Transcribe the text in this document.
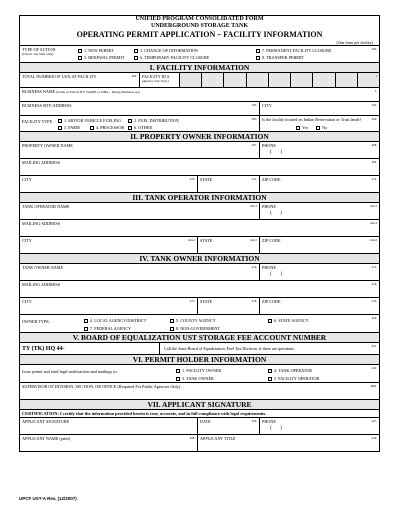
UNIFIED PROGRAM CONSOLIDATED FORM
UNDERGROUND STORAGE TANK
OPERATING PERMIT APPLICATION – FACILITY INFORMATION
(One form per facility)
TYPE OF ACTION
(Check one item only)
400.
1. NEW PERMIT	3. CHANGE OF INFORMATION	7. PERMANENT FACILITY CLOSURE
5. RENEWAL PERMIT	6. TEMPORARY FACILITY CLOSURE	8. TRANSFER PERMIT
I. FACILITY INFORMATION
TOTAL NUMBER OF USTs AT FACILITY	400. FACILITY ID #
(Agency Use Only)
1
BUSINESS NAME (Same as FACILITY NAME or DBA – Doing Business As)	3.
BUSINESS SITE ADDRESS	103.	CITY	104.
403.
FACILITY TYPE	1. MOTOR VEHICLE FUELING	2. FUEL DISTRIBUTION
3. FARM	4. PROCESSOR 6. OTHER
404.
Is the facility located on Indian Reservation or Trust lands?
Yes	No
II. PROPERTY OWNER INFORMATION
PROPERTY OWNER NAME	407.	PHONE	408.
(       )
MAILING ADDRESS	409.
CITY	410.	STATE	411.	ZIP CODE	412.
III. TANK OPERATOR INFORMATION
TANK OPERATOR NAME	424-1	PHONE	424-2
(       )
MAILING ADDRESS	424-3
CITY	424-4	STATE	424-5	ZIP CODE	424-6
IV. TANK OWNER INFORMATION
TANK OWNER NAME	414.	PHONE	415.
(       )
MAILING ADDRESS	416.
CITY	417.	STATE	418.	ZIP CODE	419.
420.
OWNER TYPE:	4. LOCAL AGENCY/DISTRICT	5. COUNTY AGENCY	6. STATE AGENCY
7. FEDERAL AGENCY	8. NON-GOVERNMENT
V. BOARD OF EQUALIZATION UST STORAGE FEE ACCOUNT NUMBER
TY (TK) HQ 44-	Call the State Board of Equalization, Fuel Tax Division, if there are questions.	421.
VI. PERMIT HOLDER INFORMATION
422.
Issue permit and send legal notifications and mailings to:	1. FACILITY OWNER	4. TANK OPERATOR
3. TANK OWNER	5. FACILITY OPERATOR
SUPERVISOR OF DIVISION, SECTION, OR OFFICE (Required For Public Agencies Only)	406a.
VII. APPLICANT SIGNATURE
CERTIFICATION: I certify that the information provided herein is true, accurate, and in full compliance with legal requirements.
APPLICANT SIGNATURE	DATE	426.	PHONE	427.
(       )
APPLICANT NAME (print)	428.	APPLICANT TITLE	429.
UPCF UST-A Rev. (12/2007)
